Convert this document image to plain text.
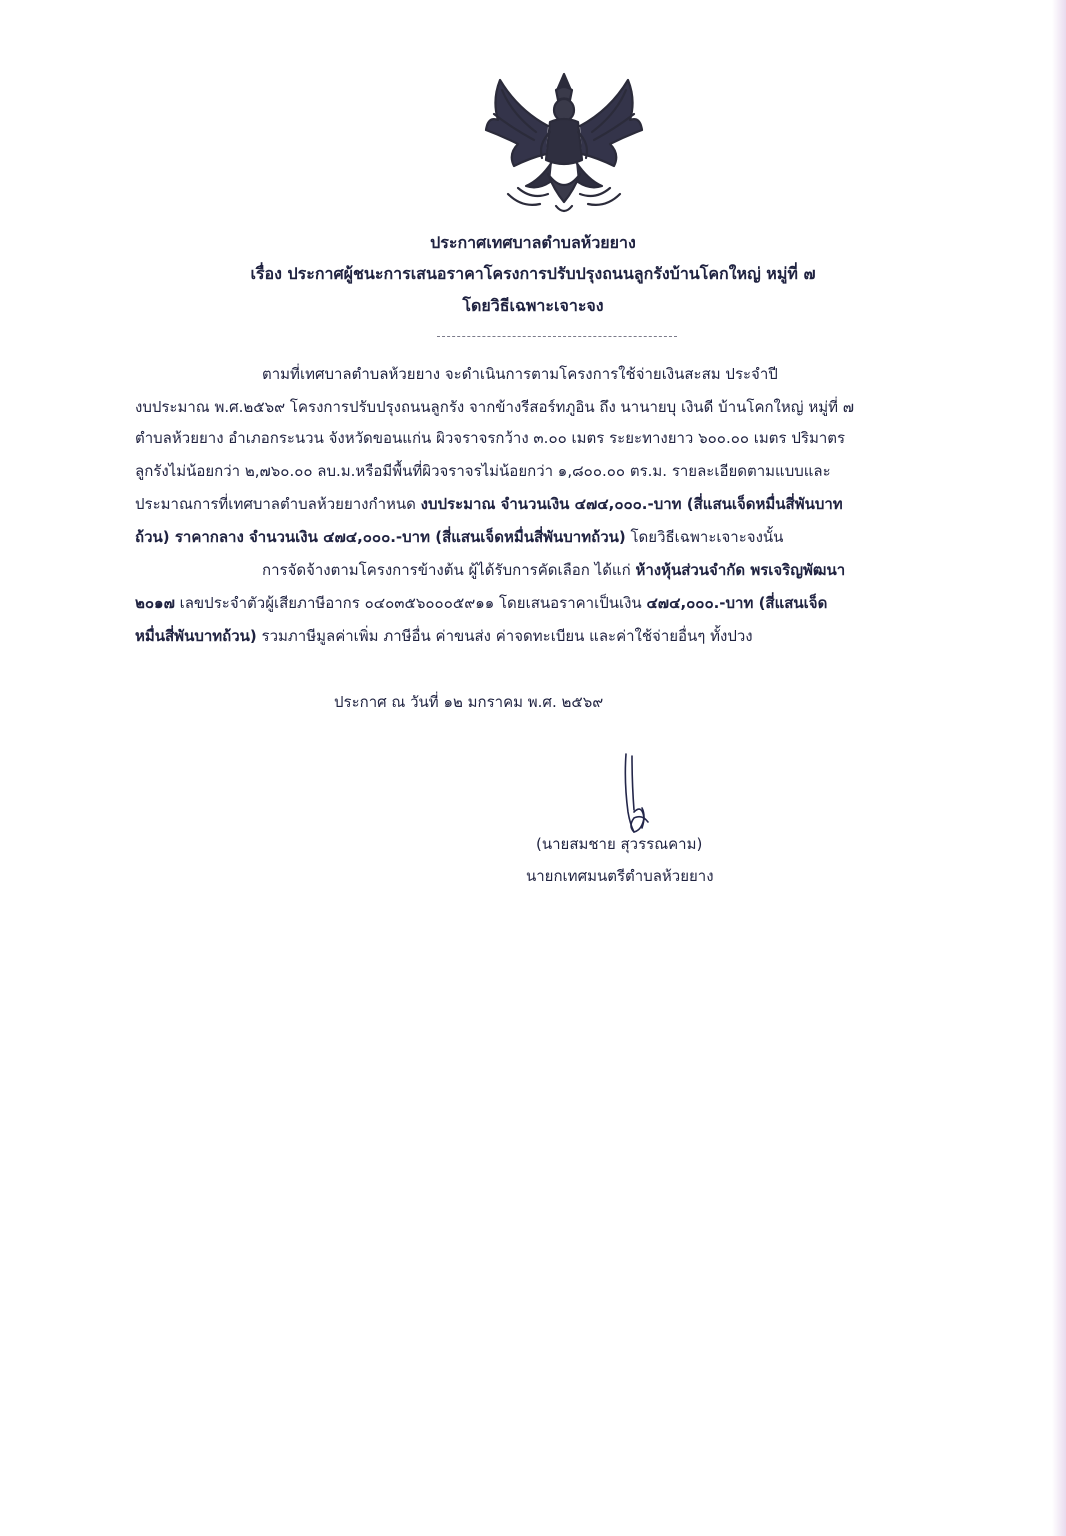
ประกาศเทศบาลตำบลห้วยยาง
เรื่อง ประกาศผู้ชนะการเสนอราคาโครงการปรับปรุงถนนลูกรังบ้านโคกใหญ่ หมู่ที่ ๗
โดยวิธีเฉพาะเจาะจง
ตามที่เทศบาลตำบลห้วยยาง จะดำเนินการตามโครงการใช้จ่ายเงินสะสม ประจำปี
งบประมาณ พ.ศ.๒๕๖๙ โครงการปรับปรุงถนนลูกรัง จากข้างรีสอร์ทภูอิน ถึง นานายบุ เงินดี บ้านโคกใหญ่ หมู่ที่ ๗
ตำบลห้วยยาง อำเภอกระนวน จังหวัดขอนแก่น ผิวจราจรกว้าง ๓.๐๐ เมตร ระยะทางยาว ๖๐๐.๐๐ เมตร ปริมาตร
ลูกรังไม่น้อยกว่า ๒,๗๖๐.๐๐ ลบ.ม.หรือมีพื้นที่ผิวจราจรไม่น้อยกว่า ๑,๘๐๐.๐๐ ตร.ม. รายละเอียดตามแบบและ
ประมาณการที่เทศบาลตำบลห้วยยางกำหนด งบประมาณ จำนวนเงิน ๔๗๔,๐๐๐.-บาท (สี่แสนเจ็ดหมื่นสี่พันบาท
ถ้วน) ราคากลาง จำนวนเงิน ๔๗๔,๐๐๐.-บาท (สี่แสนเจ็ดหมื่นสี่พันบาทถ้วน) โดยวิธีเฉพาะเจาะจงนั้น
การจัดจ้างตามโครงการข้างต้น ผู้ได้รับการคัดเลือก ได้แก่ ห้างหุ้นส่วนจำกัด พรเจริญพัฒนา
๒๐๑๗ เลขประจำตัวผู้เสียภาษีอากร ๐๔๐๓๕๖๐๐๐๕๙๑๑ โดยเสนอราคาเป็นเงิน ๔๗๔,๐๐๐.-บาท (สี่แสนเจ็ด
หมื่นสี่พันบาทถ้วน) รวมภาษีมูลค่าเพิ่ม ภาษีอื่น ค่าขนส่ง ค่าจดทะเบียน และค่าใช้จ่ายอื่นๆ ทั้งปวง
ประกาศ ณ วันที่ ๑๒ มกราคม พ.ศ. ๒๕๖๙
(นายสมชาย สุวรรณคาม)
นายกเทศมนตรีตำบลห้วยยาง
